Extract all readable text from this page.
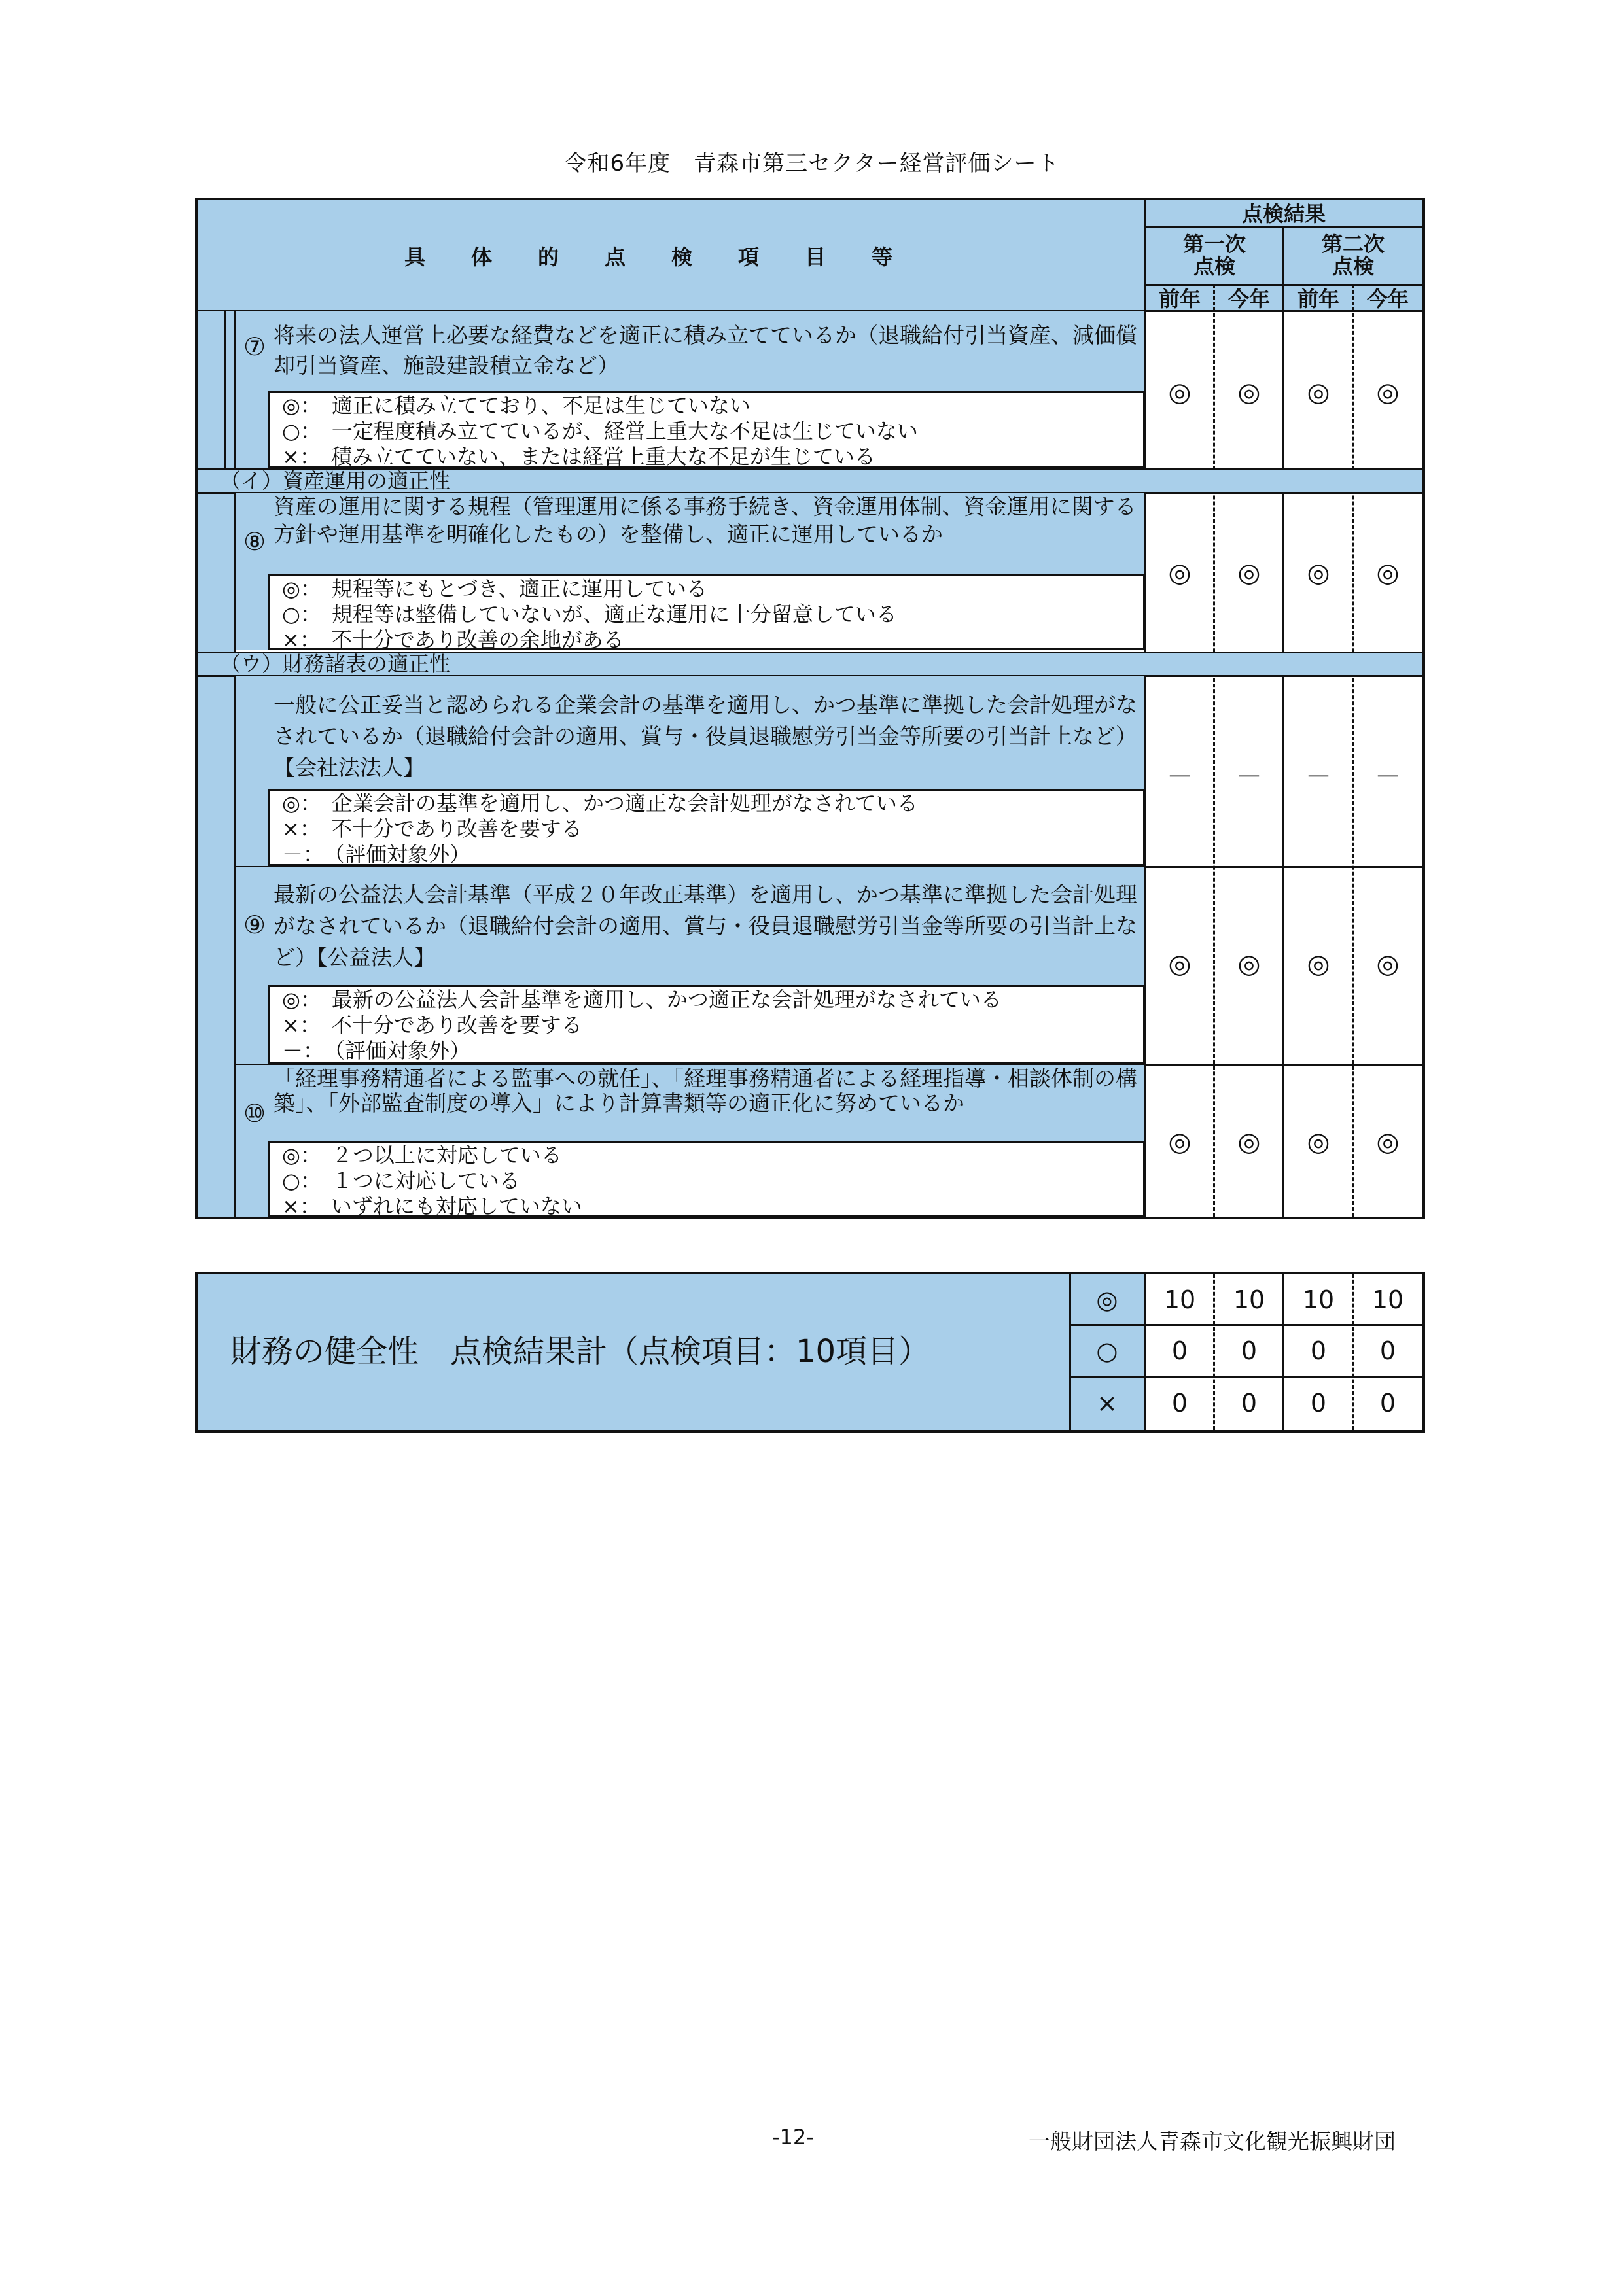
令和6年度　青森市第三セクター経営評価シート
具体的点検項目等
点検結果
第一次
点検
第二次
点検
前年	今年	前年	今年
⑦ 将来の法人運営上必要な経費などを適正に積み立てているか（退職給付引当資産、減価償却引当資産、施設建設積立金など）
◎：　適正に積み立てており、不足は生じていない
○：　一定程度積み立てているが、経営上重大な不足は生じていない
×：　積み立てていない、または経営上重大な不足が生じている
◎	◎	◎	◎
（イ）資産運用の適正性
⑧
資産の運用に関する規程（管理運用に係る事務手続き、資金運用体制、資金運用に関する方針や運用基準を明確化したもの）を整備し、適正に運用しているか
◎：　規程等にもとづき、適正に運用している
○：　規程等は整備していないが、適正な運用に十分留意している
×：　不十分であり改善の余地がある
◎	◎	◎	◎
（ウ）財務諸表の適正性
一般に公正妥当と認められる企業会計の基準を適用し、かつ基準に準拠した会計処理がなされているか（退職給付会計の適用、賞与・役員退職慰労引当金等所要の引当計上など）【会社法法人】
◎：　企業会計の基準を適用し、かつ適正な会計処理がなされている
×：　不十分であり改善を要する
－：　（評価対象外）
－	－	－	－
⑨
最新の公益法人会計基準（平成２０年改正基準）を適用し、かつ基準に準拠した会計処理がなされているか（退職給付会計の適用、賞与・役員退職慰労引当金等所要の引当計上など）【公益法人】
◎：　最新の公益法人会計基準を適用し、かつ適正な会計処理がなされている
×：　不十分であり改善を要する
－：　（評価対象外）
◎	◎	◎	◎
⑩
「経理事務精通者による監事への就任」、「経理事務精通者による経理指導・相談体制の構築」、「外部監査制度の導入」により計算書類等の適正化に努めているか
◎：　２つ以上に対応している
○：　１つに対応している
×：　いずれにも対応していない
◎	◎	◎	◎
財務の健全性　点検結果計（点検項目：10項目）
◎	10	10	10	10
○	0	0	0	0
×	0	0	0	0
-12-	一般財団法人青森市文化観光振興財団
